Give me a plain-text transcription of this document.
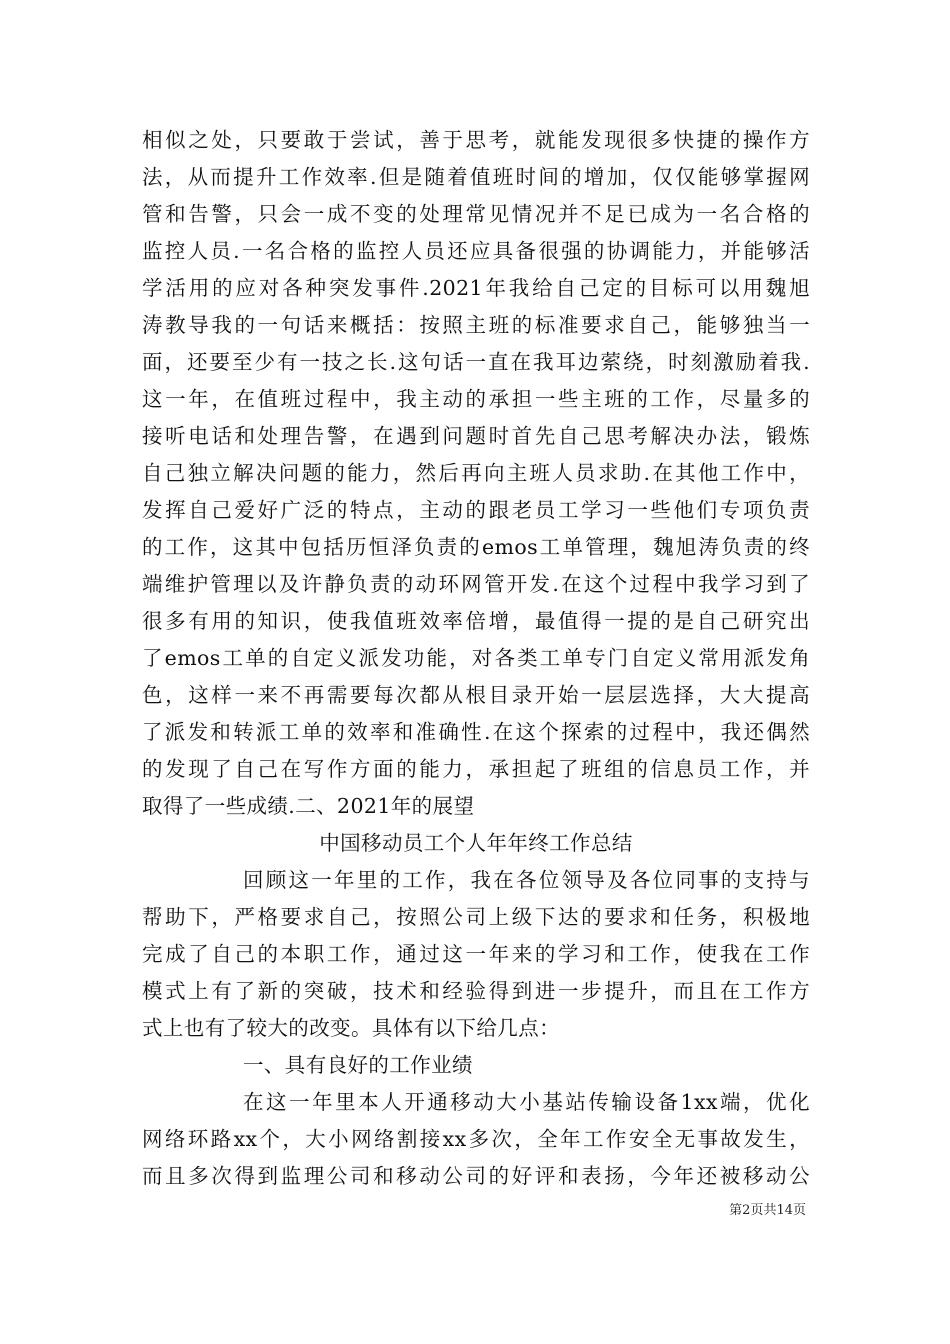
相似之处，只要敢于尝试，善于思考，就能发现很多快捷的操作方
法，从而提升工作效率.但是随着值班时间的增加，仅仅能够掌握网
管和告警，只会一成不变的处理常见情况并不足已成为一名合格的
监控人员.一名合格的监控人员还应具备很强的协调能力，并能够活
学活用的应对各种突发事件.2021年我给自己定的目标可以用魏旭
涛教导我的一句话来概括：按照主班的标准要求自己，能够独当一
面，还要至少有一技之长.这句话一直在我耳边萦绕，时刻激励着我.
这一年，在值班过程中，我主动的承担一些主班的工作，尽量多的
接听电话和处理告警，在遇到问题时首先自己思考解决办法，锻炼
自己独立解决问题的能力，然后再向主班人员求助.在其他工作中，
发挥自己爱好广泛的特点，主动的跟老员工学习一些他们专项负责
的工作，这其中包括历恒泽负责的emos工单管理，魏旭涛负责的终
端维护管理以及许静负责的动环网管开发.在这个过程中我学习到了
很多有用的知识，使我值班效率倍增，最值得一提的是自己研究出
了emos工单的自定义派发功能，对各类工单专门自定义常用派发角
色，这样一来不再需要每次都从根目录开始一层层选择，大大提高
了派发和转派工单的效率和准确性.在这个探索的过程中，我还偶然
的发现了自己在写作方面的能力，承担起了班组的信息员工作，并
取得了一些成绩.二、2021年的展望
中国移动员工个人年年终工作总结
回顾这一年里的工作，我在各位领导及各位同事的支持与
帮助下，严格要求自己，按照公司上级下达的要求和任务，积极地
完成了自己的本职工作，通过这一年来的学习和工作，使我在工作
模式上有了新的突破，技术和经验得到进一步提升，而且在工作方
式上也有了较大的改变。具体有以下给几点：
一、具有良好的工作业绩
在这一年里本人开通移动大小基站传输设备1xx端，优化
网络环路xx个，大小网络割接xx多次，全年工作安全无事故发生，
而且多次得到监理公司和移动公司的好评和表扬，今年还被移动公
第2页共14页
